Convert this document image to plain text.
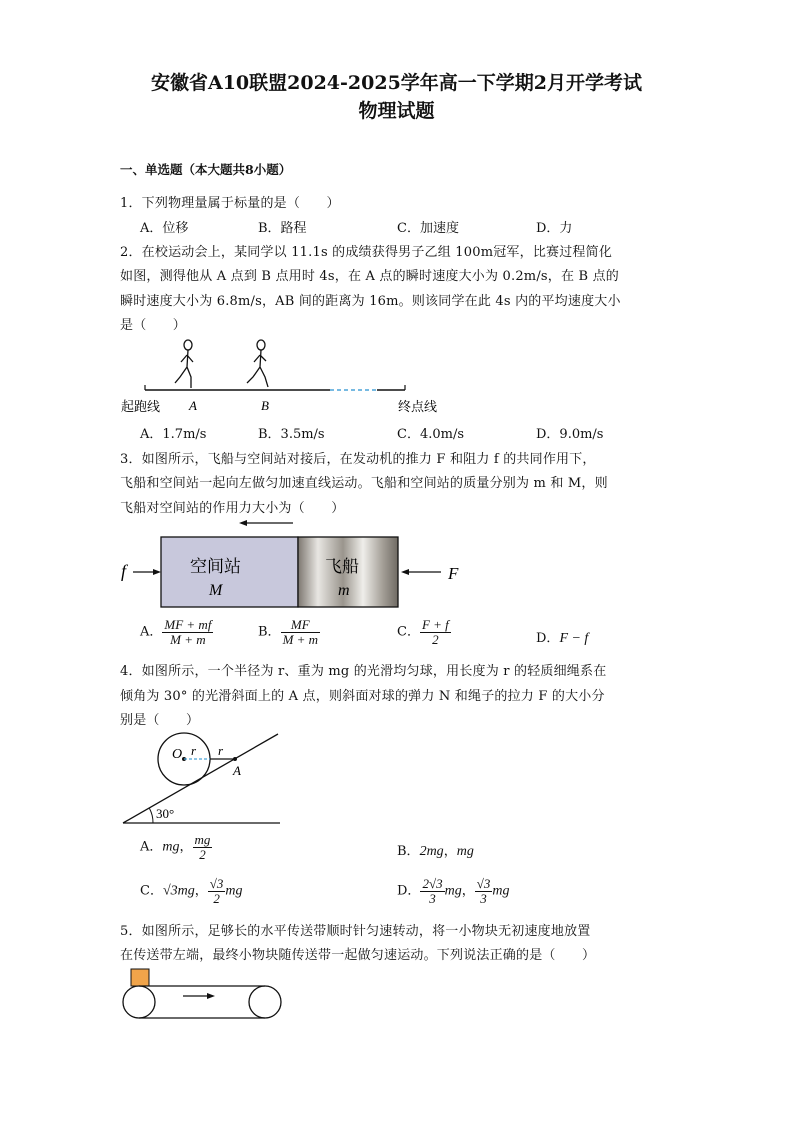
安徽省A10联盟2024-2025学年高一下学期2月开学考试
物理试题
一、单选题（本大题共8小题）
1．下列物理量属于标量的是（　　）
A．位移	B．路程	C．加速度	D．力
2．在校运动会上，某同学以 11.1s 的成绩获得男子乙组 100m冠军，比赛过程简化
如图，测得他从 A 点到 B 点用时 4s，在 A 点的瞬时速度大小为 0.2m/s，在 B 点的
瞬时速度大小为 6.8m/s，AB 间的距离为 16m。则该同学在此 4s 内的平均速度大小
是（　　）
起跑线 A	B	终点线
A．1.7m/s	B．3.5m/s	C．4.0m/s	D．9.0m/s
3．如图所示，飞船与空间站对接后，在发动机的推力 F 和阻力 f 的共同作用下，
飞船和空间站一起向左做匀加速直线运动。飞船和空间站的质量分别为 m 和 M，则
飞船对空间站的作用力大小为（　　）
空间站
M
飞船
m
f	F
A． $\frac{MF + mf}{M + m}$	B． $\frac{MF}{M + m}$	C． $\frac{F + f}{2}$	D．F − f
4．如图所示，一个半径为 r、重为 mg 的光滑均匀球，用长度为 r 的轻质细绳系在
倾角为 30° 的光滑斜面上的 A 点，则斜面对球的弹力 N 和绳子的拉力 F 的大小分
别是（　　）
O r r
A
30°
A．mg， $\frac{mg}{2}$	B．2mg，mg
C．√3mg， $\frac{√3}{2}$ mg	D． $\frac{2√3}{3}$ mg， $\frac{√3}{3}$ mg
5．如图所示，足够长的水平传送带顺时针匀速转动，将一小物块无初速度地放置
在传送带左端，最终小物块随传送带一起做匀速运动。下列说法正确的是（　　）
